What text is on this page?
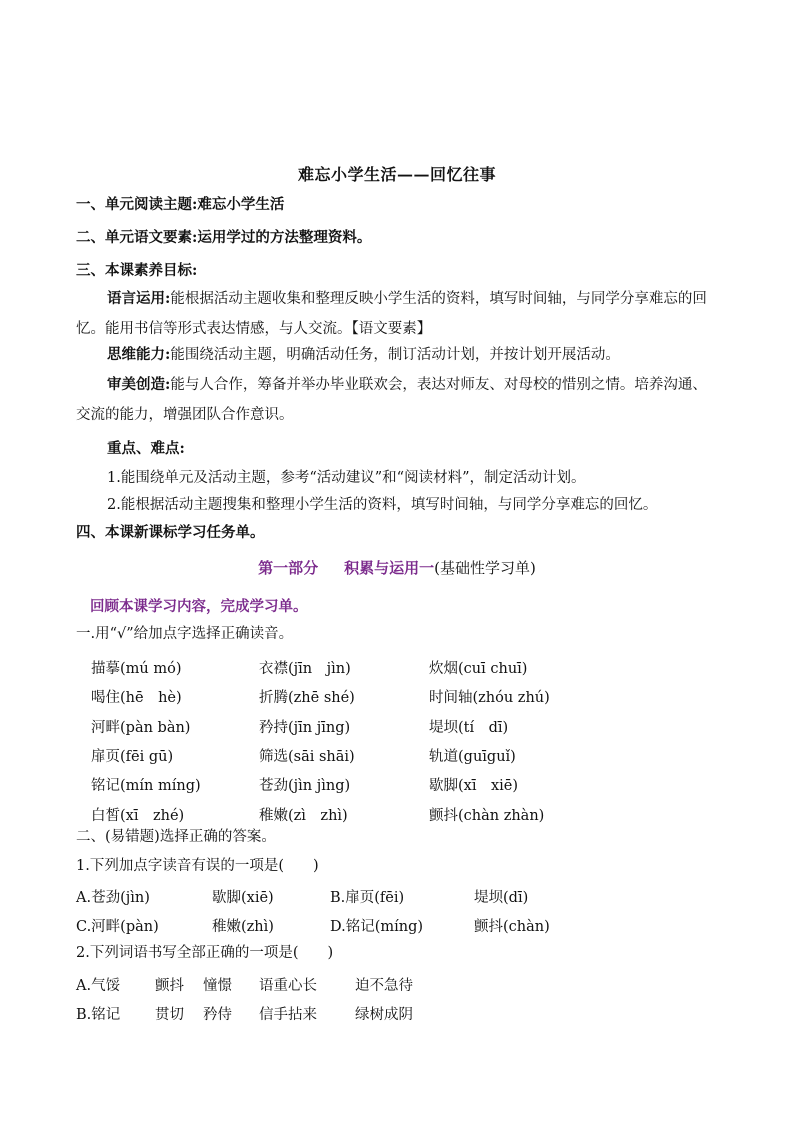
难忘小学生活——回忆往事
一、单元阅读主题:难忘小学生活
二、单元语文要素:运用学过的方法整理资料。
三、本课素养目标:
语言运用:能根据活动主题收集和整理反映小学生活的资料，填写时间轴，与同学分享难忘的回忆。能用书信等形式表达情感，与人交流。【语文要素】
思维能力:能围绕活动主题，明确活动任务，制订活动计划，并按计划开展活动。
审美创造:能与人合作，筹备并举办毕业联欢会，表达对师友、对母校的惜别之情。培养沟通、交流的能力，增强团队合作意识。
重点、难点:
1.能围绕单元及活动主题，参考“活动建议”和“阅读材料”，制定活动计划。
2.能根据活动主题搜集和整理小学生活的资料，填写时间轴，与同学分享难忘的回忆。
四、本课新课标学习任务单。
第一部分 积累与运用一(基础性学习单)
回顾本课学习内容，完成学习单。
一.用“√”给加点字选择正确读音。
描摹(mú mó)	衣襟(jīn　jìn)	炊烟(cuī chuī)
喝住(hē　hè)	折腾(zhē shé)	时间轴(zhóu zhú)
河畔(pàn bàn)	矜持(jīn jīng)	堤坝(tí　dī)
扉页(fēi gū)	筛选(sāi shāi)	轨道(guīguǐ)
铭记(mín míng)	苍劲(jìn jìng)	歇脚(xī　xiē)
白皙(xī　zhé)	稚嫩(zì　zhì)	颤抖(chàn zhàn)
二、(易错题)选择正确的答案。
1.下列加点字读音有误的一项是(　　)
A.苍劲(jìn)	歇脚(xiē)	B.扉页(fēi)	堤坝(dī)
C.河畔(pàn)	稚嫩(zhì)	D.铭记(míng)	颤抖(chàn)
2.下列词语书写全部正确的一项是(　　)
A.气馁	颤抖	憧憬	语重心长	迫不急待
B.铭记	贯切	矜侍	信手拈来	绿树成阴
